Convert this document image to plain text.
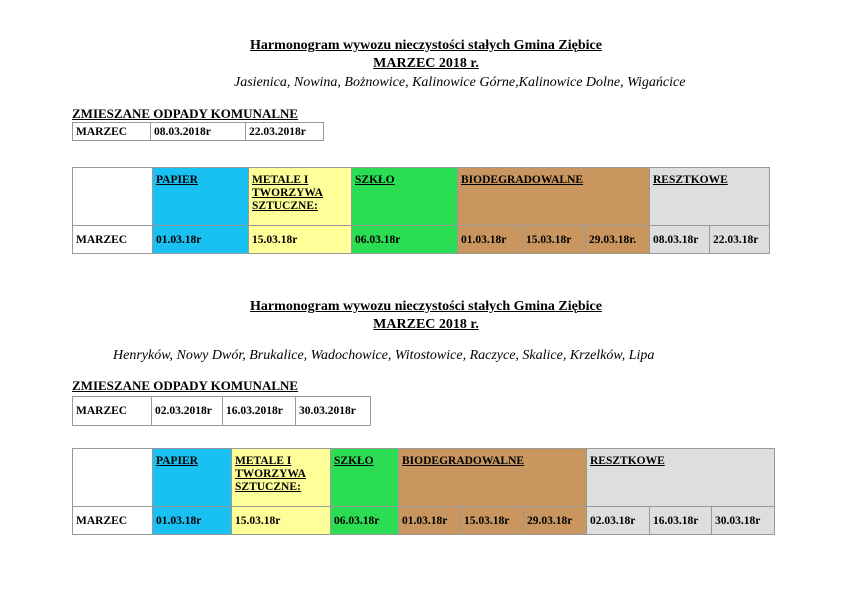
Harmonogram wywozu nieczystości stałych Gmina Ziębice
MARZEC 2018 r.
Jasienica, Nowina, Bożnowice, Kalinowice Górne,Kalinowice Dolne, Wigańcice
ZMIESZANE ODPADY KOMUNALNE
MARZEC	08.03.2018r	22.03.2018r
	PAPIER	METALE I TWORZYWA SZTUCZNE:	SZKŁO	BIODEGRADOWALNE			RESZTKOWE	
MARZEC	01.03.18r	15.03.18r	06.03.18r	01.03.18r	15.03.18r	29.03.18r.	08.03.18r	22.03.18r
Harmonogram wywozu nieczystości stałych Gmina Ziębice
MARZEC 2018 r.
Henryków, Nowy Dwór, Brukalice, Wadochowice, Witostowice, Raczyce, Skalice, Krzelków, Lipa
ZMIESZANE ODPADY KOMUNALNE
MARZEC	02.03.2018r	16.03.2018r	30.03.2018r
	PAPIER	METALE I TWORZYWA SZTUCZNE:	SZKŁO	BIODEGRADOWALNE			RESZTKOWE		
MARZEC	01.03.18r	15.03.18r	06.03.18r	01.03.18r	15.03.18r	29.03.18r	02.03.18r	16.03.18r	30.03.18r
